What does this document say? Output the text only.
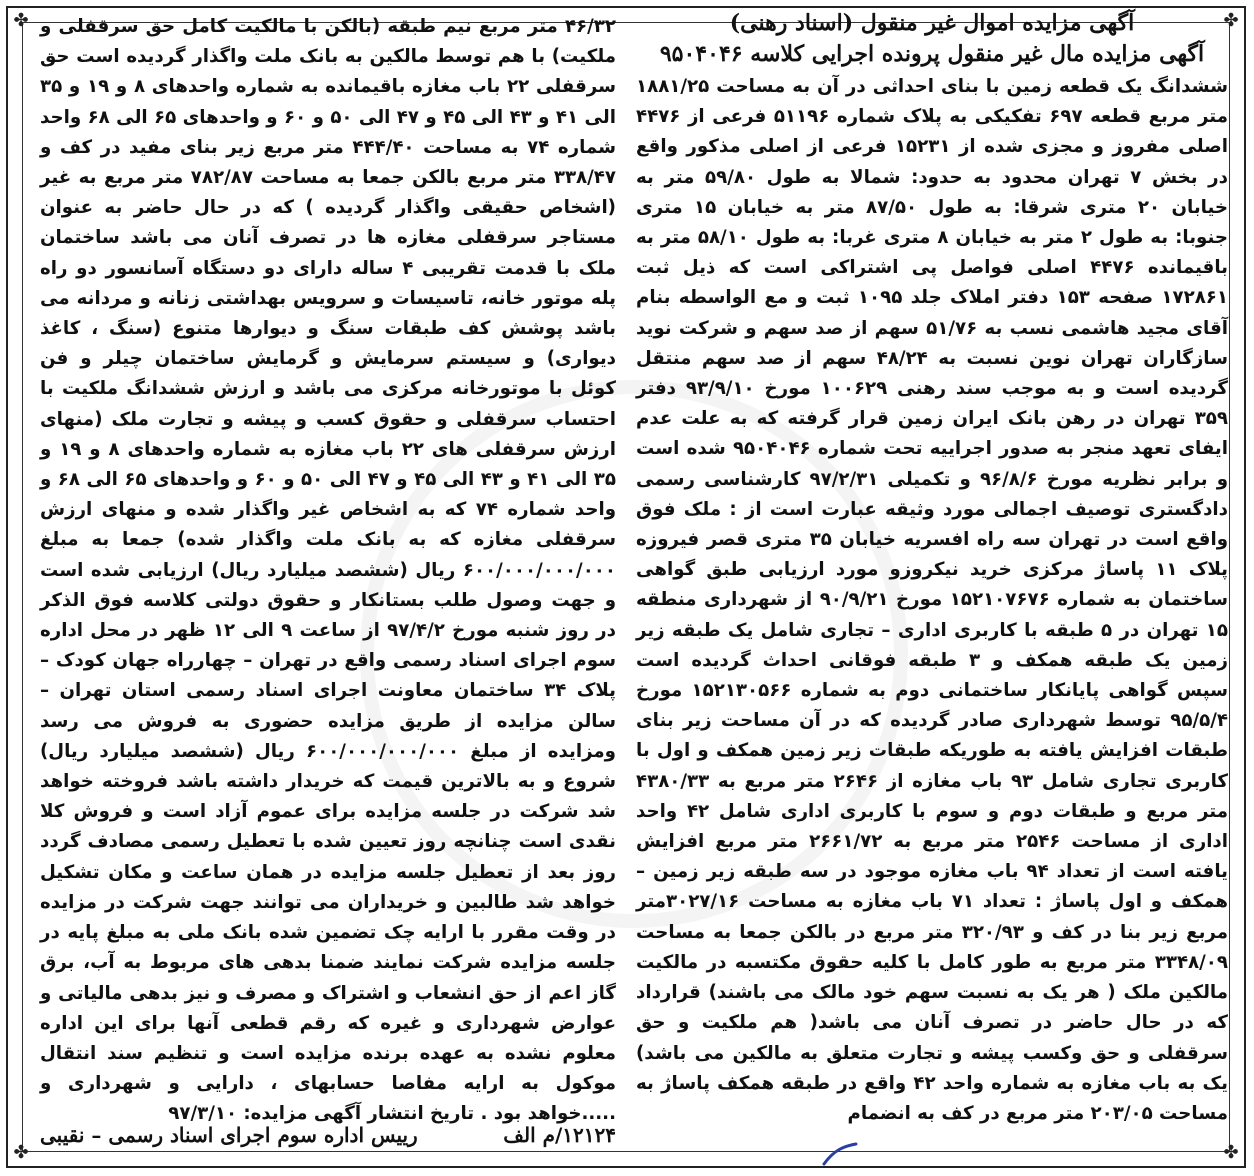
✤	✤
✤	✤
آگهی مزایده اموال غیر منقول (اسناد رهنی)
آگهی مزایده مال غیر منقول پرونده اجرایی کلاسه ۹۵۰۴۰۴۶

ششدانگ یک قطعه زمین با بنای احداثی در آن به مساحت ۱۸۸۱/۲۵ متر مربع قطعه ۶۹۷ تفکیکی به پلاک شماره ۵۱۱۹۶ فرعی از ۴۴۷۶ اصلی مفروز و مجزی شده از ۱۵۲۳۱ فرعی از اصلی مذکور واقع در بخش ۷ تهران محدود به حدود: شمالا به طول ۵۹/۸۰ متر به خیابان ۲۰ متری شرقا: به طول ۸۷/۵۰ متر به خیابان ۱۵ متری جنوبا: به طول ۲ متر به خیابان ۸ متری غربا: به طول ۵۸/۱۰ متر به باقیمانده ۴۴۷۶ اصلی فواصل پی اشتراکی است که ذیل ثبت ۱۷۲۸۶۱ صفحه ۱۵۳ دفتر املاک جلد ۱۰۹۵ ثبت و مع الواسطه بنام آقای مجید هاشمی نسب به ۵۱/۷۶ سهم از صد سهم و شرکت نوید سازگاران تهران نوین نسبت به ۴۸/۲۴ سهم از صد سهم منتقل گردیده است و به موجب سند رهنی ۱۰۰۶۲۹ مورخ ۹۳/۹/۱۰ دفتر ۳۵۹ تهران در رهن بانک ایران زمین قرار گرفته که به علت عدم ایفای تعهد منجر به صدور اجراییه تحت شماره ۹۵۰۴۰۴۶ شده است و برابر نظریه مورخ ۹۶/۸/۶ و تکمیلی ۹۷/۲/۳۱ کارشناسی رسمی دادگستری توصیف اجمالی مورد وثیقه عبارت است از : ملک فوق واقع است در تهران سه راه افسریه خیابان ۳۵ متری قصر فیروزه پلاک ۱۱ پاساژ مرکزی خرید نیکروزو مورد ارزیابی طبق گواهی ساختمان به شماره ۱۵۲۱۰۷۶۷۶ مورخ ۹۰/۹/۲۱ از شهرداری منطقه ۱۵ تهران در ۵ طبقه با کاربری اداری – تجاری شامل یک طبقه زیر زمین یک طبقه همکف و ۳ طبقه فوقانی احداث گردیده است سپس گواهی پایانکار ساختمانی دوم به شماره ۱۵۲۱۳۰۵۶۶ مورخ ۹۵/۵/۴ توسط شهرداری صادر گردیده که در آن مساحت زیر بنای طبقات افزایش یافته به طوریکه طبقات زیر زمین همکف و اول با کاربری تجاری شامل ۹۳ باب مغازه از ۲۶۴۶ متر مربع به ۴۳۸۰/۳۳ متر مربع و طبقات دوم و سوم با کاربری اداری شامل ۴۲ واحد اداری از مساحت ۲۵۴۶ متر مربع به ۲۶۶۱/۷۲ متر مربع افزایش یافته است از تعداد ۹۴ باب مغازه موجود در سه طبقه زیر زمین – همکف و اول پاساژ : تعداد ۷۱ باب مغازه به مساحت ۳۰۲۷/۱۶متر مربع زیر بنا در کف و ۳۲۰/۹۳ متر مربع در بالکن جمعا به مساحت ۳۳۴۸/۰۹ متر مربع به طور کامل با کلیه حقوق مکتسبه در مالکیت مالکین ملک ( هر یک به نسبت سهم خود مالک می باشند) قرارداد که در حال حاضر در تصرف آنان می باشد( هم ملکیت و حق سرقفلی و حق وکسب پیشه و تجارت متعلق به مالکین می باشد) یک به باب مغازه به شماره واحد ۴۲ واقع در طبقه همکف پاساژ به مساحت ۲۰۳/۰۵ متر مربع در کف به انضمام

۴۶/۳۲ متر مربع نیم طبقه (بالکن با مالکیت کامل حق سرقفلی و ملکیت) با هم توسط مالکین به بانک ملت واگذار گردیده است حق سرقفلی ۲۲ باب مغازه باقیمانده به شماره واحدهای ۸ و ۱۹ و ۳۵ الی ۴۱ و ۴۳ الی ۴۵ و ۴۷ الی ۵۰ و ۶۰ و واحدهای ۶۵ الی ۶۸ واحد شماره ۷۴ به مساحت ۴۴۴/۴۰ متر مربع زیر بنای مفید در کف و ۳۳۸/۴۷ متر مربع بالکن جمعا به مساحت ۷۸۲/۸۷ متر مربع به غیر (اشخاص حقیقی واگذار گردیده ) که در حال حاضر به عنوان مستاجر سرقفلی مغازه ها در تصرف آنان می باشد ساختمان ملک با قدمت تقریبی ۴ ساله دارای دو دستگاه آسانسور دو راه پله موتور خانه، تاسیسات و سرویس بهداشتی زنانه و مردانه می باشد پوشش کف طبقات سنگ و دیوارها متنوع (سنگ ، کاغذ دیواری) و سیستم سرمایش و گرمایش ساختمان چیلر و فن کوئل با موتورخانه مرکزی می باشد و ارزش ششدانگ ملکیت با احتساب سرقفلی و حقوق کسب و پیشه و تجارت ملک (منهای ارزش سرقفلی های ۲۲ باب مغازه به شماره واحدهای ۸ و ۱۹ و ۳۵ الی ۴۱ و ۴۳ الی ۴۵ و ۴۷ الی ۵۰ و ۶۰ و واحدهای ۶۵ الی ۶۸ و واحد شماره ۷۴ که به اشخاص غیر واگذار شده و منهای ارزش سرقفلی مغازه که به بانک ملت واگذار شده) جمعا به مبلغ ۶۰۰/۰۰۰/۰۰۰/۰۰۰ ریال (ششصد میلیارد ریال) ارزیابی شده است و جهت وصول طلب بستانکار و حقوق دولتی کلاسه فوق الذکر در روز شنبه مورخ ۹۷/۴/۲ از ساعت ۹ الی ۱۲ ظهر در محل اداره سوم اجرای اسناد رسمی واقع در تهران – چهارراه جهان کودک – پلاک ۳۴ ساختمان معاونت اجرای اسناد رسمی استان تهران – سالن مزایده از طریق مزایده حضوری به فروش می رسد ومزایده از مبلغ ۶۰۰/۰۰۰/۰۰۰/۰۰۰ ریال (ششصد میلیارد ریال) شروع و به بالاترین قیمت که خریدار داشته باشد فروخته خواهد شد شرکت در جلسه مزایده برای عموم آزاد است و فروش کلا نقدی است چنانچه روز تعیین شده با تعطیل رسمی مصادف گردد روز بعد از تعطیل جلسه مزایده در همان ساعت و مکان تشکیل خواهد شد طالبین و خریداران می توانند جهت شرکت در مزایده در وقت مقرر با ارایه چک تضمین شده بانک ملی به مبلغ پایه در جلسه مزایده شرکت نمایند ضمنا بدهی های مربوط به آب، برق گاز اعم از حق انشعاب و اشتراک و مصرف و نیز بدهی مالیاتی و عوارض شهرداری و غیره که رقم قطعی آنها برای این اداره معلوم نشده به عهده برنده مزایده است و تنظیم سند انتقال موکول به ارایه مفاصا حسابهای ، دارایی و شهرداری و .....خواهد بود . تاریخ انتشار آگهی مزایده: ۹۷/۳/۱۰

۱۲۱۲۴/م الف
رییس اداره سوم اجرای اسناد رسمی – نقیبی
